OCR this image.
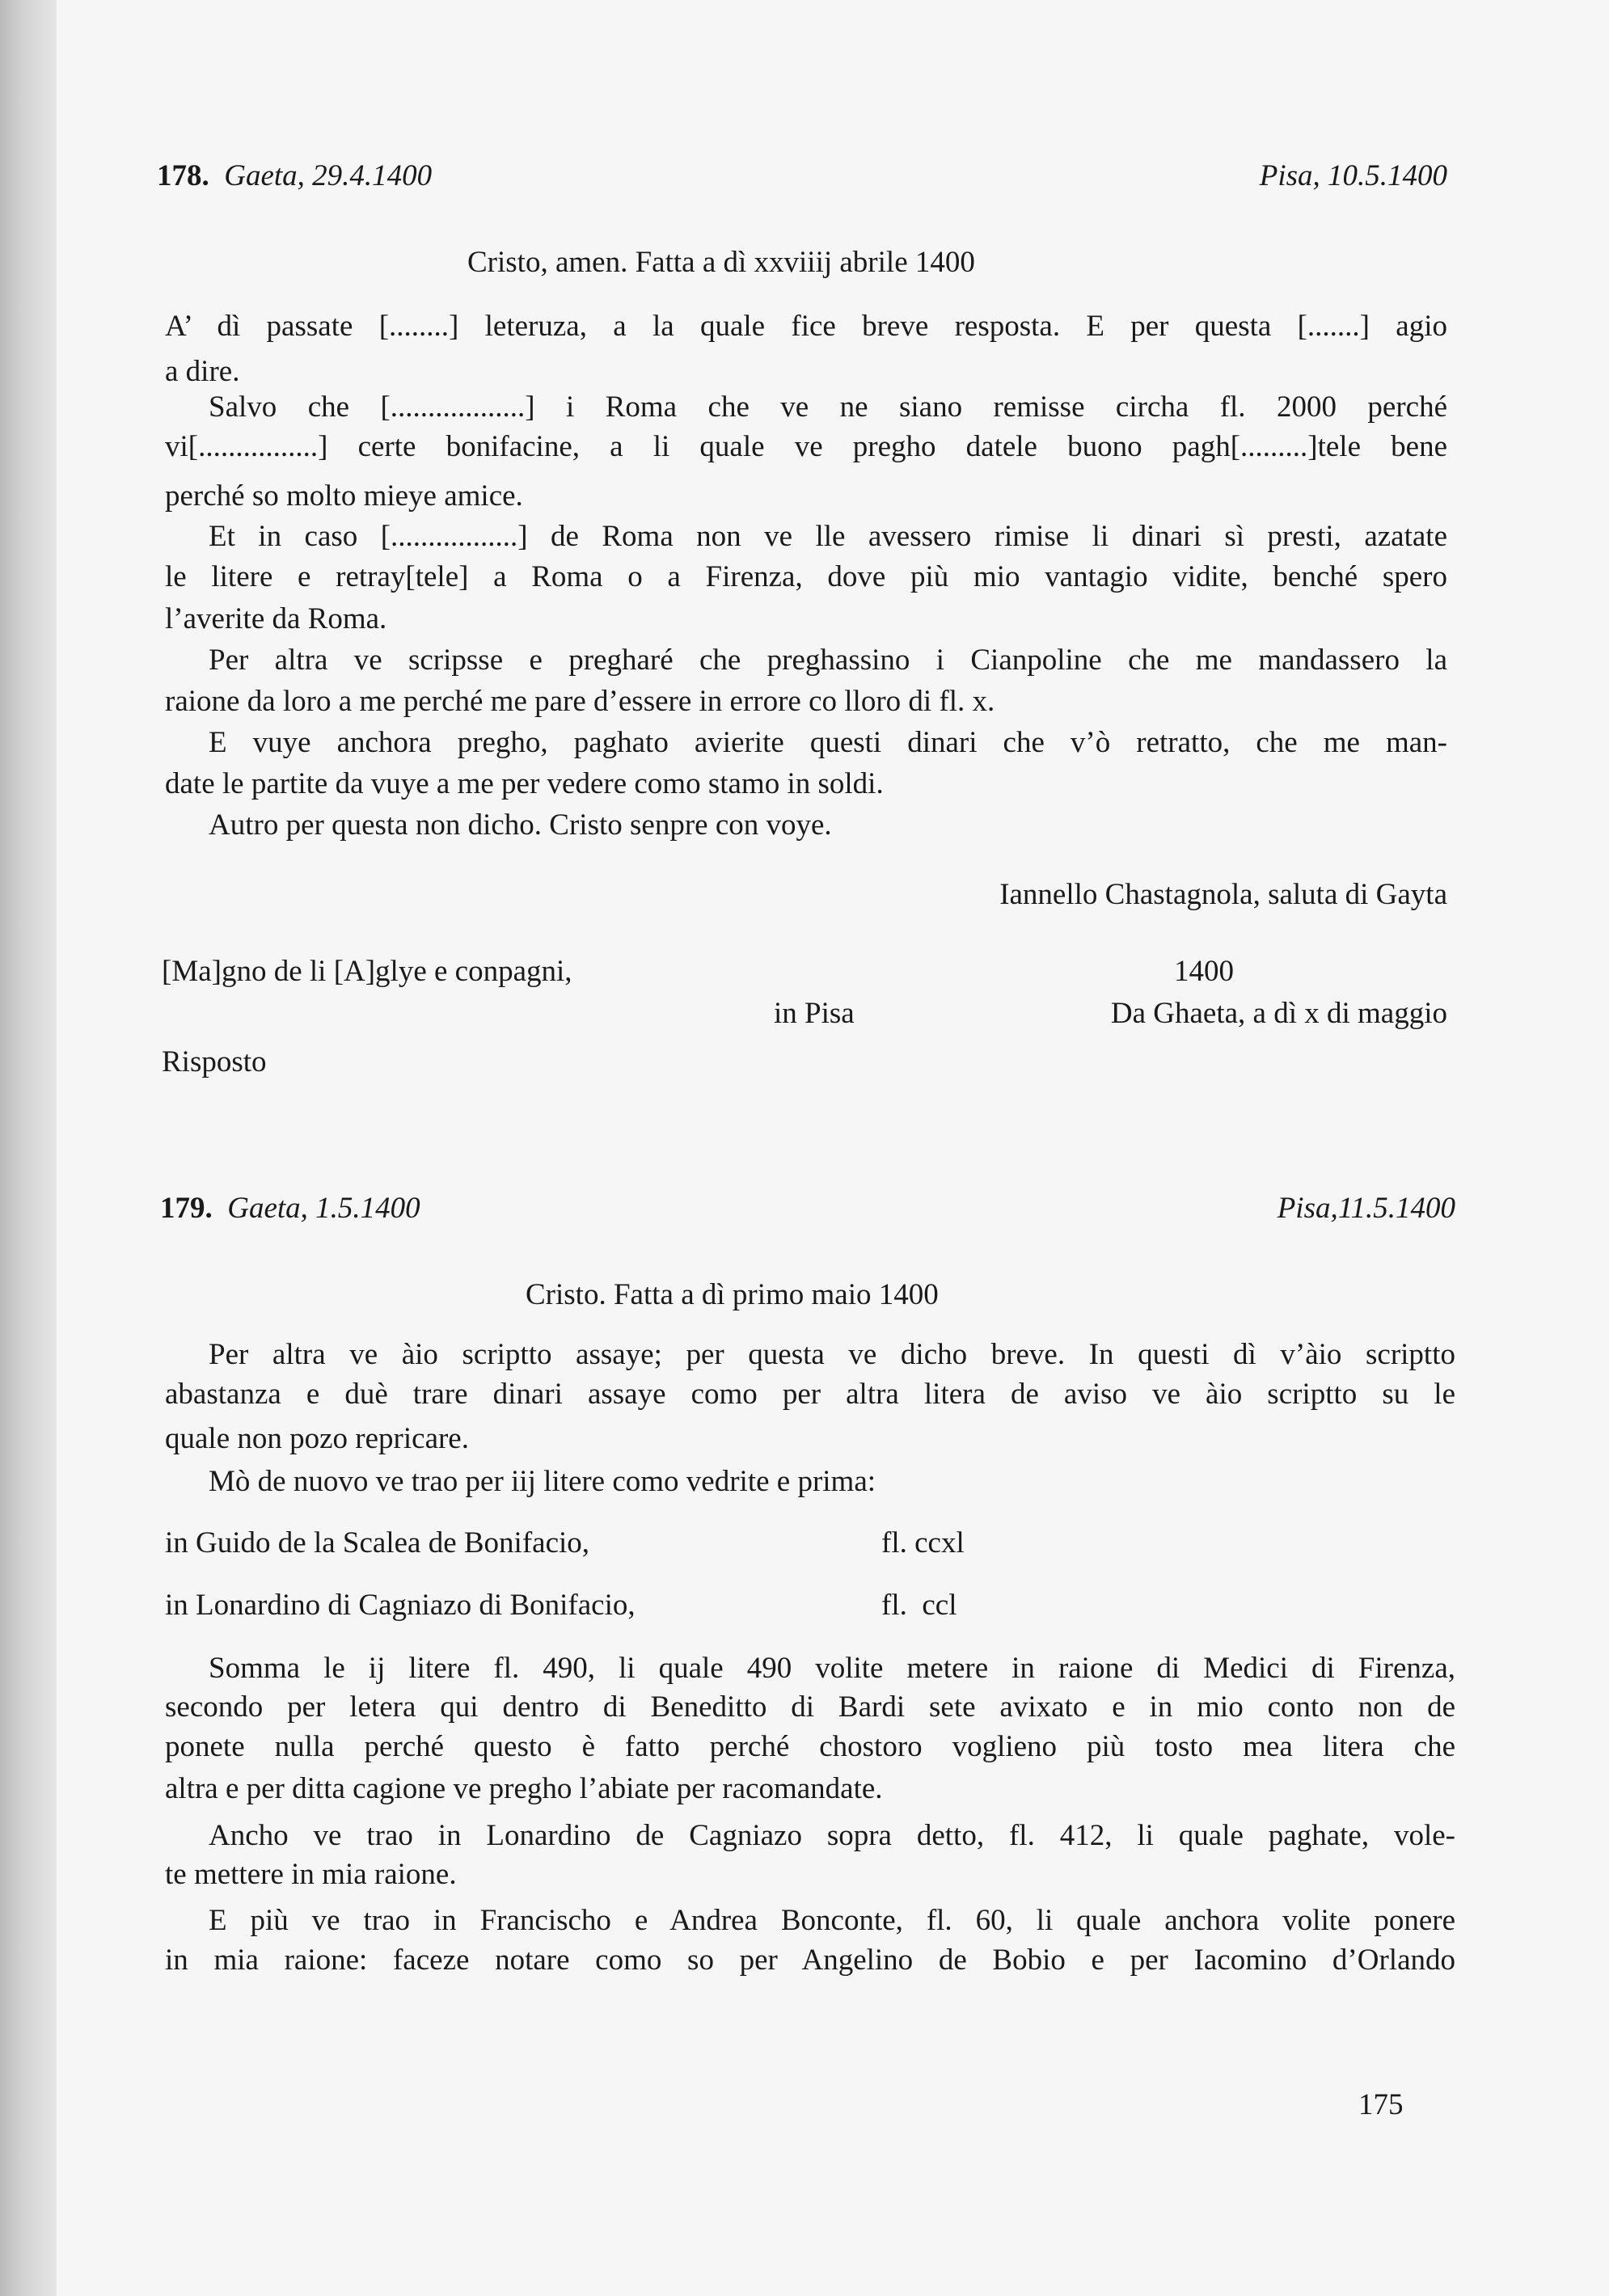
178. Gaeta, 29.4.1400	Pisa, 10.5.1400
Cristo, amen. Fatta a dì xxviiij abrile 1400
A’ dì passate [........] leteruza, a la quale fice breve resposta. E per questa [.......] agio
a dire.
Salvo che [..................] i Roma che ve ne siano remisse circha fl. 2000 perché
vi[................] certe bonifacine, a li quale ve pregho datele buono pagh[.........]tele bene
perché so molto mieye amice.
Et in caso [.................] de Roma non ve lle avessero rimise li dinari sì presti, azatate
le litere e retray[tele] a Roma o a Firenza, dove più mio vantagio vidite, benché spero
l’averite da Roma.
Per altra ve scripsse e pregharé che preghassino i Cianpoline che me mandassero la
raione da loro a me perché me pare d’essere in errore co lloro di fl. x.
E vuye anchora pregho, paghato avierite questi dinari che v’ò retratto, che me man-
date le partite da vuye a me per vedere como stamo in soldi.
Autro per questa non dicho. Cristo senpre con voye.
Iannello Chastagnola, saluta di Gayta
[Ma]gno de li [A]glye e conpagni,	1400
in Pisa	Da Ghaeta, a dì x di maggio
Risposto
179. Gaeta, 1.5.1400	Pisa,11.5.1400
Cristo. Fatta a dì primo maio 1400
Per altra ve àio scriptto assaye; per questa ve dicho breve. In questi dì v’àio scriptto
abastanza e duè trare dinari assaye como per altra litera de aviso ve àio scriptto su le
quale non pozo repricare.
Mò de nuovo ve trao per iij litere como vedrite e prima:
in Guido de la Scalea de Bonifacio,	fl. ccxl
in Lonardino di Cagniazo di Bonifacio,	fl.  ccl
Somma le ij litere fl. 490, li quale 490 volite metere in raione di Medici di Firenza,
secondo per letera qui dentro di Beneditto di Bardi sete avixato e in mio conto non de
ponete nulla perché questo è fatto perché chostoro voglieno più tosto mea litera che
altra e per ditta cagione ve pregho l’abiate per racomandate.
Ancho ve trao in Lonardino de Cagniazo sopra detto, fl. 412, li quale paghate, vole-
te mettere in mia raione.
E più ve trao in Francischo e Andrea Bonconte, fl. 60, li quale anchora volite ponere
in mia raione: faceze notare como so per Angelino de Bobio e per Iacomino d’Orlando
175
